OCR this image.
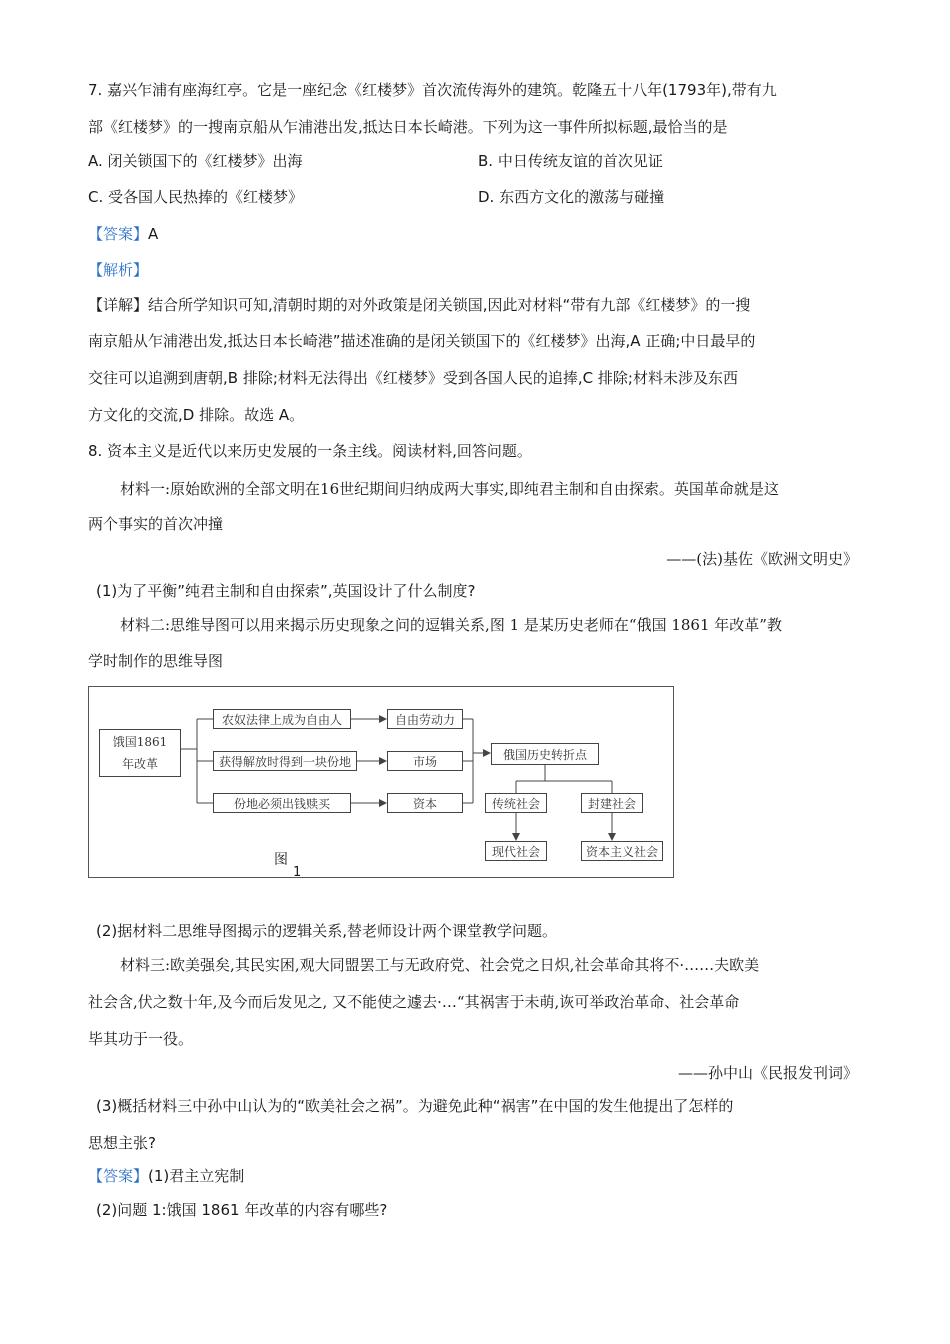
7. 嘉兴乍浦有座海红亭。它是一座纪念《红楼梦》首次流传海外的建筑。乾隆五十八年(1793年),带有九
部《红楼梦》的一搜南京船从乍浦港出发,抵达日本长崎港。下列为这一事件所拟标题,最恰当的是
A. 闭关锁国下的《红楼梦》出海	B. 中日传统友谊的首次见证
C. 受各国人民热捧的《红楼梦》	D. 东西方文化的激荡与碰撞
【答案】A
【解析】
【详解】结合所学知识可知,清朝时期的对外政策是闭关锁国,因此对材料“带有九部《红楼梦》的一搜
南京船从乍浦港出发,抵达日本长崎港”描述准确的是闭关锁国下的《红楼梦》出海,A 正确;中日最早的
交往可以追溯到唐朝,B 排除;材料无法得出《红楼梦》受到各国人民的追捧,C 排除;材料未涉及东西
方文化的交流,D 排除。故选 A。
8. 资本主义是近代以来历史发展的一条主线。阅读材料,回答问题。
材料一:原始欧洲的全部文明在16世纪期间归纳成两大事实,即纯君主制和自由探索。英国革命就是这
两个事实的首次冲撞
——(法)基佐《欧洲文明史》
(1)为了平衡”纯君主制和自由探索”,英国设计了什么制度?
材料二:思维导图可以用来揭示历史现象之问的逗辑关系,图 1 是某历史老师在“俄国 1861 年改革”教
学时制作的思维导图
饿国1861
年改革
农奴法律上成为自由人
获得解放时得到一块份地
份地必须出钱赎买
自由劳动力
市场
资本
俄国历史转折点
传统社会	封建社会
现代社会	资本主义社会
图
1
(2)据材料二思维导图揭示的逻辑关系,替老师设计两个课堂教学问题。
材料三:欧美强矣,其民实困,观大同盟罢工与无政府党、社会党之日炽,社会革命其将不·……夫欧美
社会含,伏之数十年,及今而后发见之, 又不能使之遽去·…“其祸害于未萌,诙可举政治革命、社会革命
毕其功于一役。
——孙中山《民报发刊词》
(3)概括材料三中孙中山认为的“欧美社会之祸”。为避免此种“祸害”在中国的发生他提出了怎样的
思想主张?
【答案】(1)君主立宪制
(2)问题 1:饿国 1861 年改革的内容有哪些?
